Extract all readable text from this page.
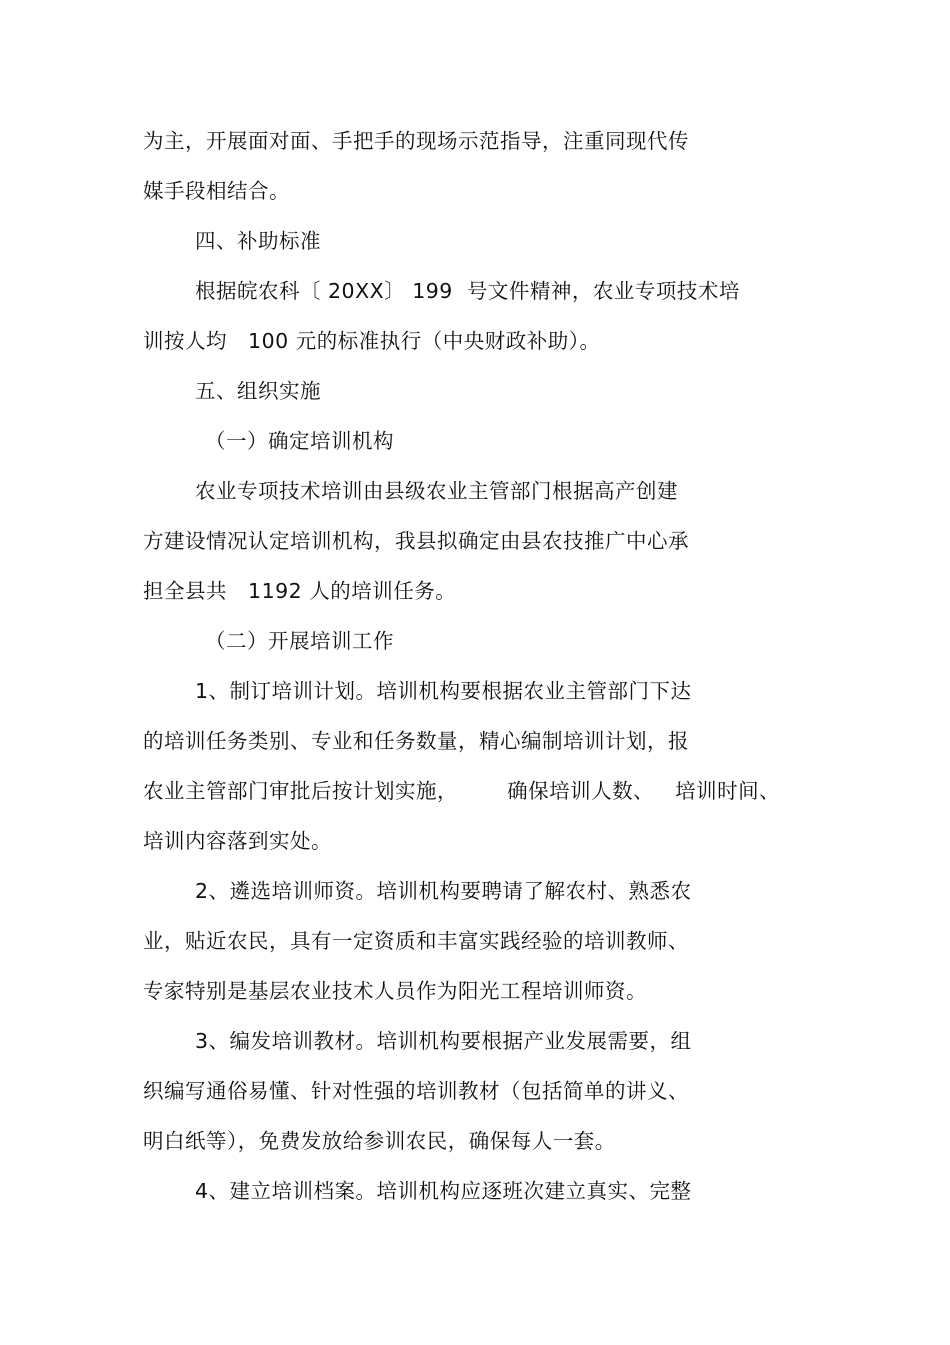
为主，开展面对面、手把手的现场示范指导，注重同现代传
媒手段相结合。
四、补助标准
根据皖农科〔 20XX〕 199  号文件精神，农业专项技术培
训按人均   100 元的标准执行（中央财政补助）。
五、组织实施
（一）确定培训机构
农业专项技术培训由县级农业主管部门根据高产创建
方建设情况认定培训机构，我县拟确定由县农技推广中心承
担全县共   1192 人的培训任务。
（二）开展培训工作
1、制订培训计划。培训机构要根据农业主管部门下达
的培训任务类别、专业和任务数量，精心编制培训计划，报
农业主管部门审批后按计划实施，       确保培训人数、   培训时间、
培训内容落到实处。
2、遴选培训师资。培训机构要聘请了解农村、熟悉农
业，贴近农民，具有一定资质和丰富实践经验的培训教师、
专家特别是基层农业技术人员作为阳光工程培训师资。
3、编发培训教材。培训机构要根据产业发展需要，组
织编写通俗易懂、针对性强的培训教材（包括简单的讲义、
明白纸等），免费发放给参训农民，确保每人一套。
4、建立培训档案。培训机构应逐班次建立真实、完整
